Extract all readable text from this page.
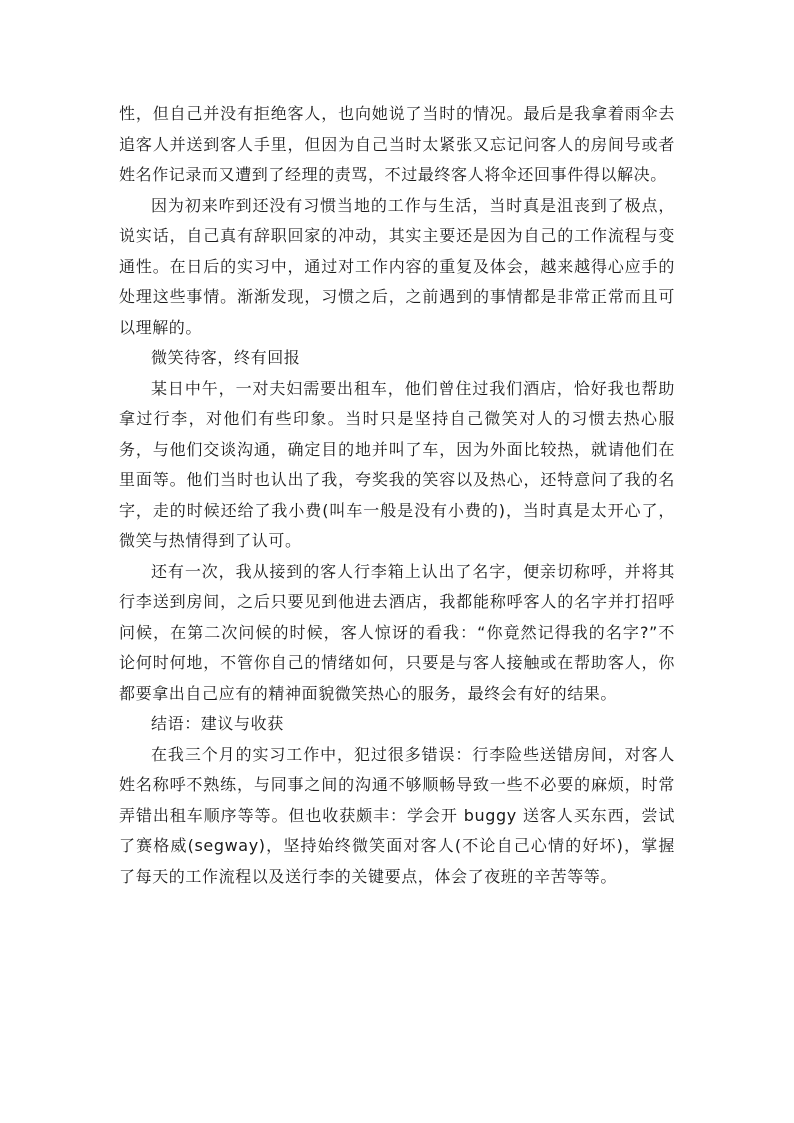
性，但自己并没有拒绝客人，也向她说了当时的情况。最后是我拿着雨伞去追客人并送到客人手里，但因为自己当时太紧张又忘记问客人的房间号或者姓名作记录而又遭到了经理的责骂，不过最终客人将伞还回事件得以解决。

因为初来咋到还没有习惯当地的工作与生活，当时真是沮丧到了极点，说实话，自己真有辞职回家的冲动，其实主要还是因为自己的工作流程与变通性。在日后的实习中，通过对工作内容的重复及体会，越来越得心应手的处理这些事情。渐渐发现，习惯之后，之前遇到的事情都是非常正常而且可以理解的。

微笑待客，终有回报

某日中午，一对夫妇需要出租车，他们曾住过我们酒店，恰好我也帮助拿过行李，对他们有些印象。当时只是坚持自己微笑对人的习惯去热心服务，与他们交谈沟通，确定目的地并叫了车，因为外面比较热，就请他们在里面等。他们当时也认出了我，夸奖我的笑容以及热心，还特意问了我的名字，走的时候还给了我小费(叫车一般是没有小费的)，当时真是太开心了，微笑与热情得到了认可。

还有一次，我从接到的客人行李箱上认出了名字，便亲切称呼，并将其行李送到房间，之后只要见到他进去酒店，我都能称呼客人的名字并打招呼问候，在第二次问候的时候，客人惊讶的看我：“你竟然记得我的名字?”不论何时何地，不管你自己的情绪如何，只要是与客人接触或在帮助客人，你都要拿出自己应有的精神面貌微笑热心的服务，最终会有好的结果。

结语：建议与收获

在我三个月的实习工作中，犯过很多错误：行李险些送错房间，对客人姓名称呼不熟练，与同事之间的沟通不够顺畅导致一些不必要的麻烦，时常弄错出租车顺序等等。但也收获颇丰：学会开 buggy 送客人买东西，尝试了赛格威(segway)，坚持始终微笑面对客人(不论自己心情的好坏)，掌握了每天的工作流程以及送行李的关键要点，体会了夜班的辛苦等等。
